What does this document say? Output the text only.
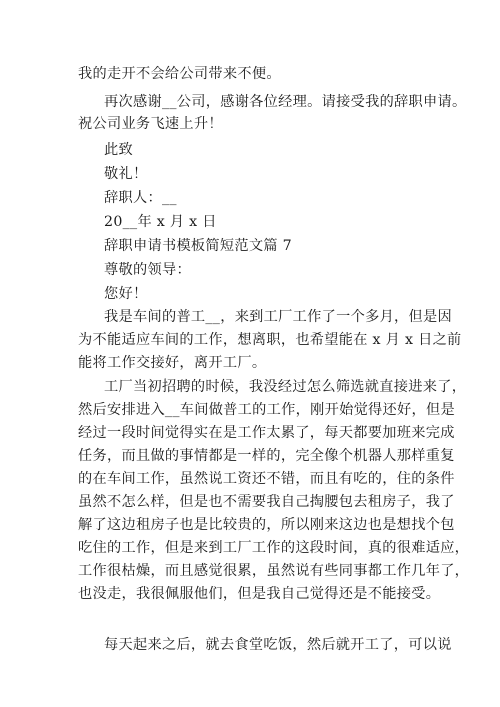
我的走开不会给公司带来不便。
再次感谢__公司，感谢各位经理。请接受我的辞职申请。
祝公司业务飞速上升！
此致
敬礼！
辞职人：__
20__年 x 月 x 日
辞职申请书模板简短范文篇 7
尊敬的领导：
您好！
我是车间的普工__，来到工厂工作了一个多月，但是因
为不能适应车间的工作，想离职，也希望能在 x 月 x 日之前
能将工作交接好，离开工厂。
工厂当初招聘的时候，我没经过怎么筛选就直接进来了，
然后安排进入__车间做普工的工作，刚开始觉得还好，但是
经过一段时间觉得实在是工作太累了，每天都要加班来完成
任务，而且做的事情都是一样的，完全像个机器人那样重复
的在车间工作，虽然说工资还不错，而且有吃的，住的条件
虽然不怎么样，但是也不需要我自己掏腰包去租房子，我了
解了这边租房子也是比较贵的，所以刚来这边也是想找个包
吃住的工作，但是来到工厂工作的这段时间，真的很难适应，
工作很枯燥，而且感觉很累，虽然说有些同事都工作几年了，
也没走，我很佩服他们，但是我自己觉得还是不能接受。
每天起来之后，就去食堂吃饭，然后就开工了，可以说
